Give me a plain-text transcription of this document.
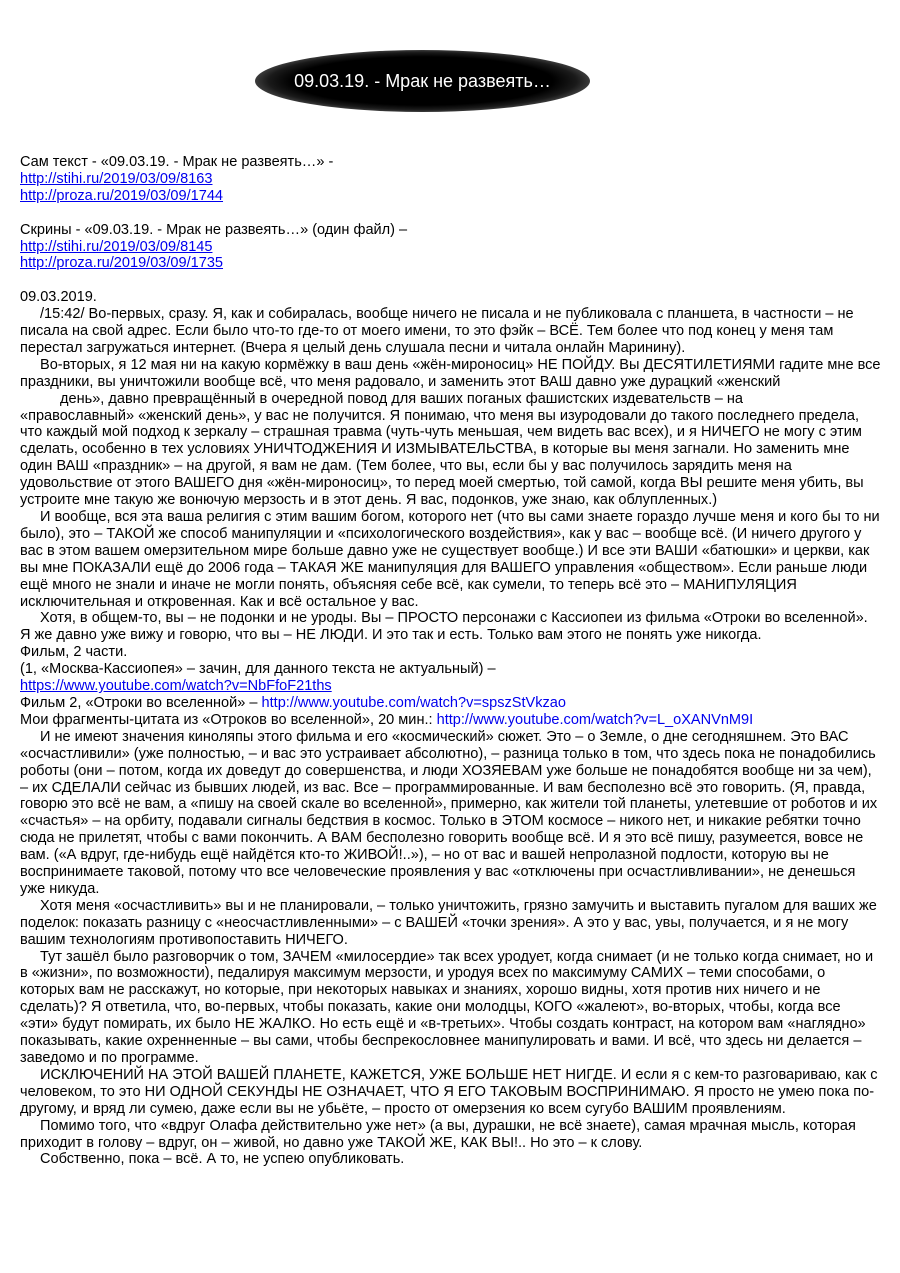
09.03.19. - Мрак не развеять…
Сам текст - «09.03.19. - Мрак не развеять…» -
http://stihi.ru/2019/03/09/8163
http://proza.ru/2019/03/09/1744
Скрины - «09.03.19. - Мрак не развеять…» (один файл) –
http://stihi.ru/2019/03/09/8145
http://proza.ru/2019/03/09/1735
09.03.2019.

/15:42/ Во-первых, сразу. Я, как и собиралась, вообще ничего не писала и не публиковала с планшета, в частности – не писала на свой адрес. Если было что-то где-то от моего имени, то это фэйк – ВСЁ. Тем более что под конец у меня там перестал загружаться интернет. (Вчера я целый день слушала песни и читала онлайн Маринину).

Во-вторых, я 12 мая ни на какую кормёжку в ваш день «жён-мироносиц» НЕ ПОЙДУ. Вы ДЕСЯТИЛЕТИЯМИ гадите мне все праздники, вы уничтожили вообще всё, что меня радовало, и заменить этот ВАШ давно уже дурацкий «женский

день», давно превращённый в очередной повод для ваших поганых фашистских издевательств – на

«православный» «женский день», у вас не получится. Я понимаю, что меня вы изуродовали до такого последнего предела, что каждый мой подход к зеркалу – страшная травма (чуть-чуть меньшая, чем видеть вас всех), и я НИЧЕГО не могу с этим сделать, особенно в тех условиях УНИЧТОДЖЕНИЯ И ИЗМЫВАТЕЛЬСТВА, в которые вы меня загнали. Но заменить мне один ВАШ «праздник» – на другой, я вам не дам. (Тем более, что вы, если бы у вас получилось зарядить меня на удовольствие от этого ВАШЕГО дня «жён-мироносиц», то перед моей смертью, той самой, когда ВЫ решите меня убить, вы устроите мне такую же вонючую мерзость и в этот день. Я вас, подонков, уже знаю, как облупленных.)

И вообще, вся эта ваша религия с этим вашим богом, которого нет (что вы сами знаете гораздо лучше меня и кого бы то ни было), это – ТАКОЙ же способ манипуляции и «психологического воздействия», как у вас – вообще всё. (И ничего другого у вас в этом вашем омерзительном мире больше давно уже не существует вообще.) И все эти ВАШИ «батюшки» и церкви, как вы мне ПОКАЗАЛИ ещё до 2006 года – ТАКАЯ ЖЕ манипуляция для ВАШЕГО управления «обществом». Если раньше люди ещё много не знали и иначе не могли понять, объясняя себе всё, как сумели, то теперь всё это – МАНИПУЛЯЦИЯ исключительная и откровенная. Как и всё остальное у вас.

Хотя, в общем-то, вы – не подонки и не уроды. Вы – ПРОСТО персонажи с Кассиопеи из фильма «Отроки во вселенной». Я же давно уже вижу и говорю, что вы – НЕ ЛЮДИ. И это так и есть. Только вам этого не понять уже никогда.

Фильм, 2 части.
(1, «Москва-Кассиопея» – зачин, для данного текста не актуальный) –
https://www.youtube.com/watch?v=NbFfoF21ths
Фильм 2, «Отроки во вселенной» – http://www.youtube.com/watch?v=spszStVkzao
Мои фрагменты-цитата из «Отроков во вселенной», 20 мин.: http://www.youtube.com/watch?v=L_oXANVnM9I

И не имеют значения киноляпы этого фильма и его «космический» сюжет. Это – о Земле, о дне сегодняшнем. Это ВАС «осчастливили» (уже полностью, – и вас это устраивает абсолютно), – разница только в том, что здесь пока не понадобились роботы (они – потом, когда их доведут до совершенства, и люди ХОЗЯЕВАМ уже больше не понадобятся вообще ни за чем), – их СДЕЛАЛИ сейчас из бывших людей, из вас. Все – программированные. И вам бесполезно всё это говорить. (Я, правда, говорю это всё не вам, а «пишу на своей скале во вселенной», примерно, как жители той планеты, улетевшие от роботов и их «счастья» – на орбиту, подавали сигналы бедствия в космос. Только в ЭТОМ космосе – никого нет, и никакие ребятки точно сюда не прилетят, чтобы с вами покончить. А ВАМ бесполезно говорить вообще всё. И я это всё пишу, разумеется, вовсе не вам. («А вдруг, где-нибудь ещё найдётся кто-то ЖИВОЙ!..»), – но от вас и вашей непролазной подлости, которую вы не воспринимаете таковой, потому что все человеческие проявления у вас «отключены при осчастливливании», не денешься уже никуда.

Хотя меня «осчастливить» вы и не планировали, – только уничтожить, грязно замучить и выставить пугалом для ваших же поделок: показать разницу с «неосчастливленными» – с ВАШЕЙ «точки зрения». А это у вас, увы, получается, и я не могу вашим технологиям противопоставить НИЧЕГО.

Тут зашёл было разговорчик о том, ЗАЧЕМ «милосердие» так всех уродует, когда снимает (и не только когда снимает, но и в «жизни», по возможности), педалируя максимум мерзости, и уродуя всех по максимуму САМИХ – теми способами, о которых вам не расскажут, но которые, при некоторых навыках и знаниях, хорошо видны, хотя против них ничего и не сделать)? Я ответила, что, во-первых, чтобы показать, какие они молодцы, КОГО «жалеют», во-вторых, чтобы, когда все «эти» будут помирать, их было НЕ ЖАЛКО. Но есть ещё и «в-третьих». Чтобы создать контраст, на котором вам «наглядно» показывать, какие охренненные – вы сами, чтобы беспрекословнее манипулировать и вами. И всё, что здесь ни делается – заведомо и по программе.

ИСКЛЮЧЕНИЙ НА ЭТОЙ ВАШЕЙ ПЛАНЕТЕ, КАЖЕТСЯ, УЖЕ БОЛЬШЕ НЕТ НИГДЕ. И если я с кем-то разговариваю, как с человеком, то это НИ ОДНОЙ СЕКУНДЫ НЕ ОЗНАЧАЕТ, ЧТО Я ЕГО ТАКОВЫМ ВОСПРИНИМАЮ. Я просто не умею пока по-другому, и вряд ли сумею, даже если вы не убьёте, – просто от омерзения ко всем сугубо ВАШИМ проявлениям.

Помимо того, что «вдруг Олафа действительно уже нет» (а вы, дурашки, не всё знаете), самая мрачная мысль, которая приходит в голову – вдруг, он – живой, но давно уже ТАКОЙ ЖЕ, КАК ВЫ!.. Но это – к слову.

Собственно, пока – всё. А то, не успею опубликовать.
